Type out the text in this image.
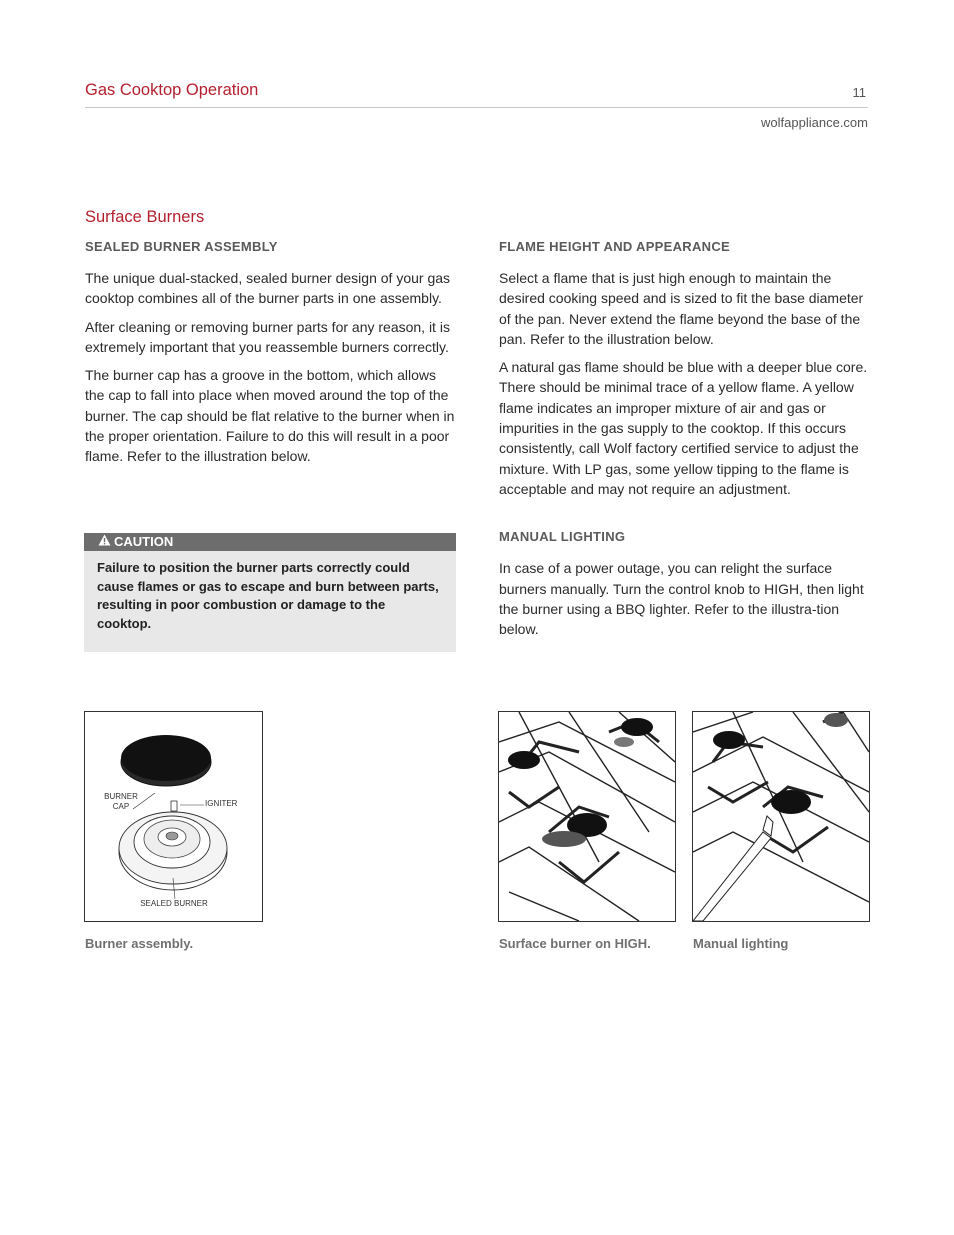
Gas Cooktop Operation	11
wolfappliance.com
Surface Burners
SEALED BURNER ASSEMBLY

The unique dual-stacked, sealed burner design of your gas cooktop combines all of the burner parts in one assembly.

After cleaning or removing burner parts for any reason, it is extremely important that you reassemble burners correctly.

The burner cap has a groove in the bottom, which allows the cap to fall into place when moved around the top of the burner. The cap should be flat relative to the burner when in the proper orientation. Failure to do this will result in a poor flame. Refer to the illustration below.

CAUTION
Failure to position the burner parts correctly could cause flames or gas to escape and burn between parts, resulting in poor combustion or damage to the cooktop.
FLAME HEIGHT AND APPEARANCE

Select a flame that is just high enough to maintain the desired cooking speed and is sized to fit the base diameter of the pan. Never extend the flame beyond the base of the pan. Refer to the illustration below.

A natural gas flame should be blue with a deeper blue core. There should be minimal trace of a yellow flame. A yellow flame indicates an improper mixture of air and gas or impurities in the gas supply to the cooktop. If this occurs consistently, call Wolf factory certified service to adjust the mixture. With LP gas, some yellow tipping to the flame is acceptable and may not require an adjustment.

MANUAL LIGHTING

In case of a power outage, you can relight the surface burners manually. Turn the control knob to HIGH, then light the burner using a BBQ lighter. Refer to the illustra-tion below.

BURNER CAP	IGNITER
SEALED BURNER
Burner assembly.	Surface burner on HIGH.	Manual lighting
